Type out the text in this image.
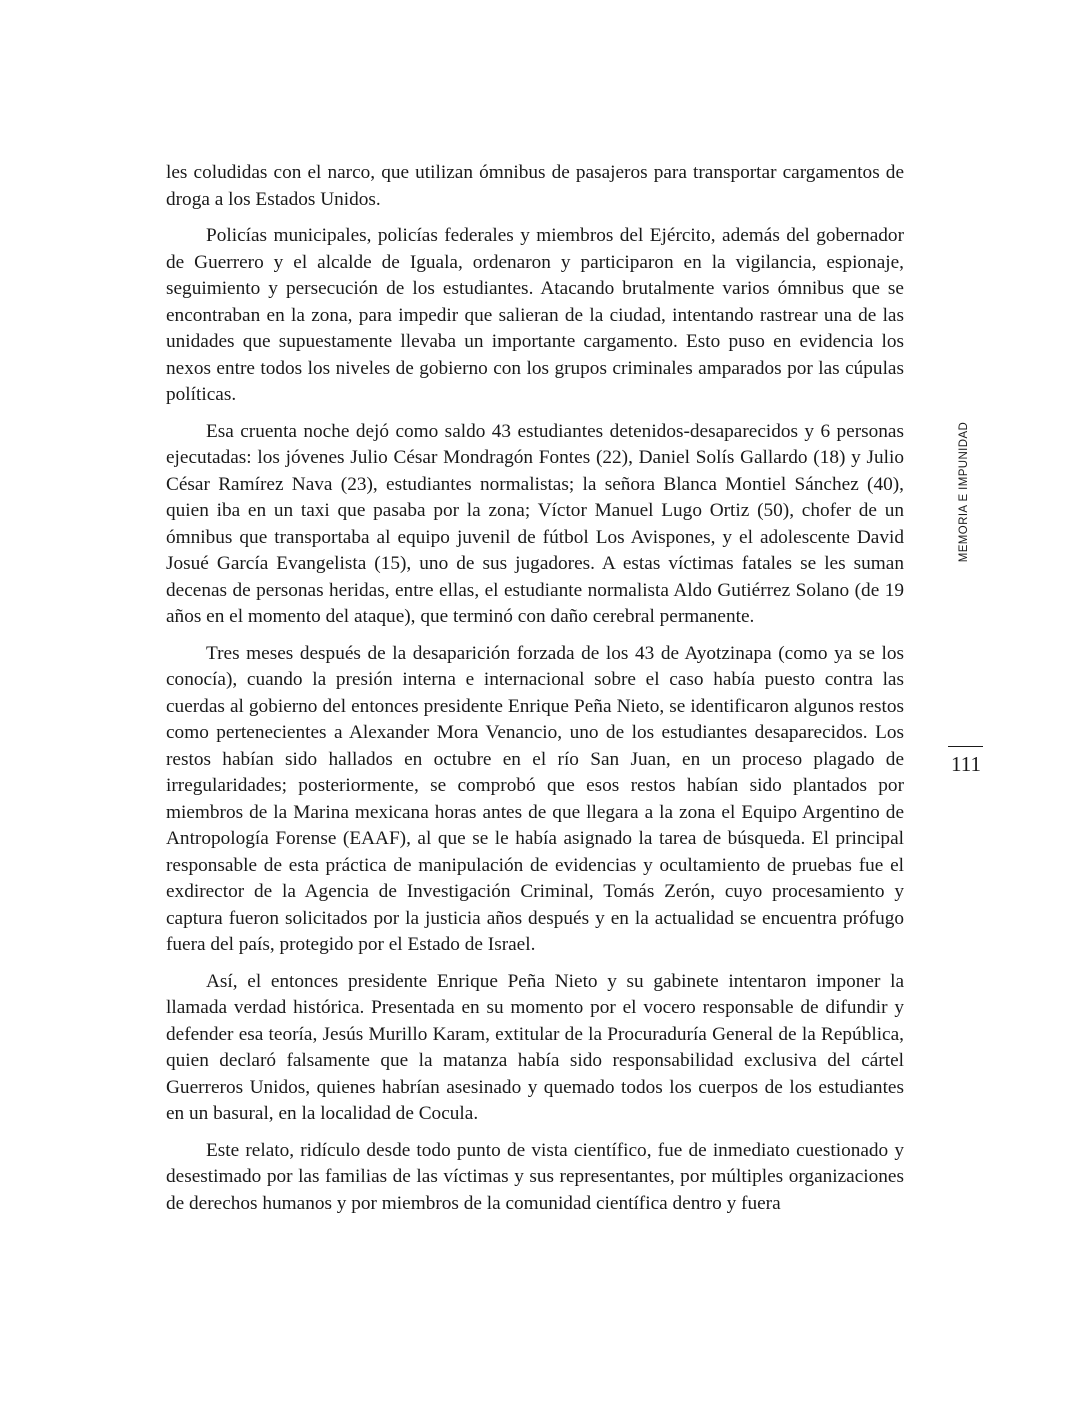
les coludidas con el narco, que utilizan ómnibus de pasajeros para transportar cargamentos de droga a los Estados Unidos.

Policías municipales, policías federales y miembros del Ejército, además del gobernador de Guerrero y el alcalde de Iguala, ordenaron y participaron en la vigilancia, espionaje, seguimiento y persecución de los estudiantes. Atacando brutalmente varios ómnibus que se encontraban en la zona, para impedir que salieran de la ciudad, intentando rastrear una de las unidades que supuestamente llevaba un importante cargamento. Esto puso en evidencia los nexos entre todos los niveles de gobierno con los grupos criminales amparados por las cúpulas políticas.

Esa cruenta noche dejó como saldo 43 estudiantes detenidos-desaparecidos y 6 personas ejecutadas: los jóvenes Julio César Mondragón Fontes (22), Daniel Solís Gallardo (18) y Julio César Ramírez Nava (23), estudiantes normalistas; la señora Blanca Montiel Sánchez (40), quien iba en un taxi que pasaba por la zona; Víctor Manuel Lugo Ortiz (50), chofer de un ómnibus que transportaba al equipo juvenil de fútbol Los Avispones, y el adolescente David Josué García Evangelista (15), uno de sus jugadores. A estas víctimas fatales se les suman decenas de personas heridas, entre ellas, el estudiante normalista Aldo Gutiérrez Solano (de 19 años en el momento del ataque), que terminó con daño cerebral permanente.

Tres meses después de la desaparición forzada de los 43 de Ayotzinapa (como ya se los conocía), cuando la presión interna e internacional sobre el caso había puesto contra las cuerdas al gobierno del entonces presidente Enrique Peña Nieto, se identificaron algunos restos como pertenecientes a Alexander Mora Venancio, uno de los estudiantes desaparecidos. Los restos habían sido hallados en octubre en el río San Juan, en un proceso plagado de irregularidades; posteriormente, se comprobó que esos restos habían sido plantados por miembros de la Marina mexicana horas antes de que llegara a la zona el Equipo Argentino de Antropología Forense (EAAF), al que se le había asignado la tarea de búsqueda. El principal responsable de esta práctica de manipulación de evidencias y ocultamiento de pruebas fue el exdirector de la Agencia de Investigación Criminal, Tomás Zerón, cuyo procesamiento y captura fueron solicitados por la justicia años después y en la actualidad se encuentra prófugo fuera del país, protegido por el Estado de Israel.

Así, el entonces presidente Enrique Peña Nieto y su gabinete intentaron imponer la llamada verdad histórica. Presentada en su momento por el vocero responsable de difundir y defender esa teoría, Jesús Murillo Karam, extitular de la Procuraduría General de la República, quien declaró falsamente que la matanza había sido responsabilidad exclusiva del cártel Guerreros Unidos, quienes habrían asesinado y quemado todos los cuerpos de los estudiantes en un basural, en la localidad de Cocula.

Este relato, ridículo desde todo punto de vista científico, fue de inmediato cuestionado y desestimado por las familias de las víctimas y sus representantes, por múltiples organizaciones de derechos humanos y por miembros de la comunidad científica dentro y fuera

MEMORIA E IMPUNIDAD
111
